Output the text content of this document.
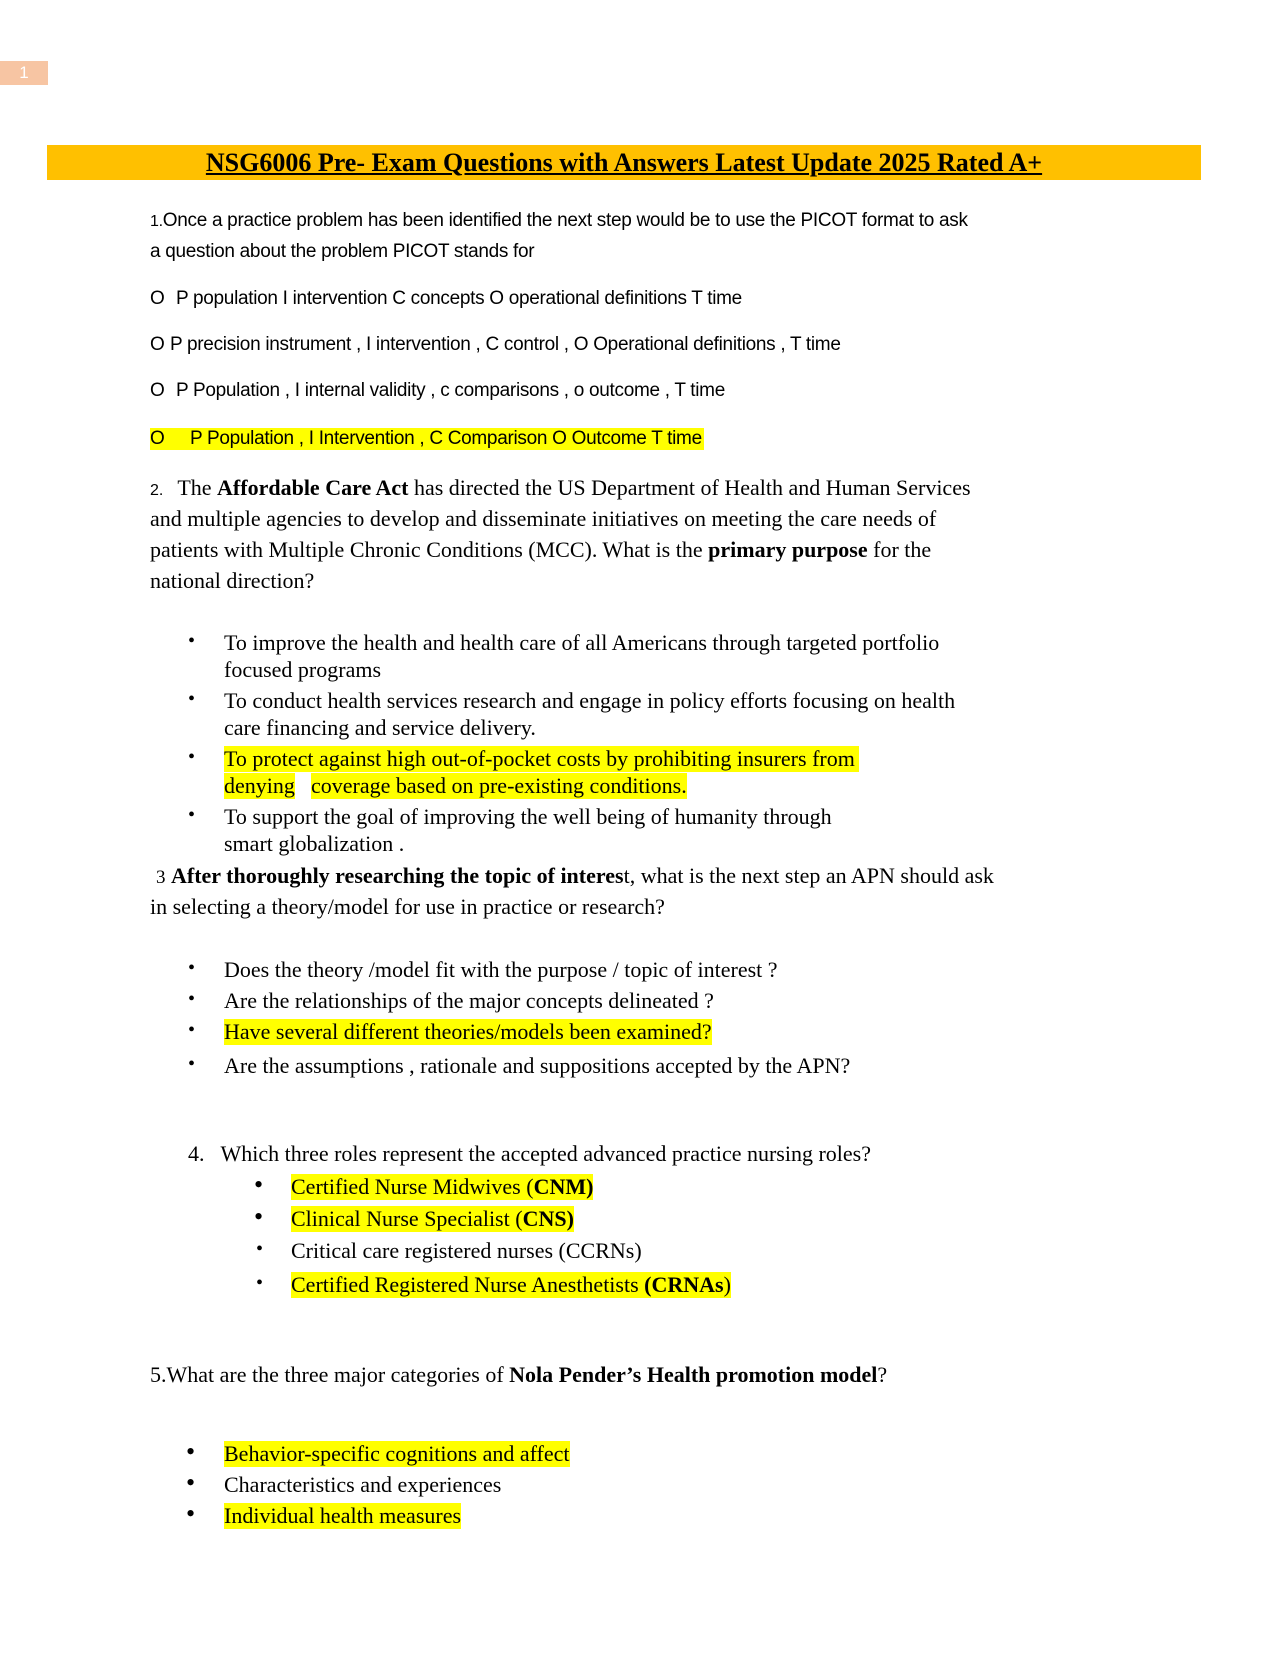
1
NSG6006 Pre- Exam Questions with Answers Latest Update 2025 Rated A+
1.Once a practice problem has been identified the next step would be to use the PICOT format to ask
a question about the problem PICOT stands for
O P population I intervention C concepts O operational definitions T time
O P precision instrument , I intervention , C control , O Operational definitions , T time
O P Population , I internal validity , c comparisons , o outcome , T time
O P Population , I Intervention , C Comparison O Outcome T time
2. The Affordable Care Act has directed the US Department of Health and Human Services
and multiple agencies to develop and disseminate initiatives on meeting the care needs of
patients with Multiple Chronic Conditions (MCC). What is the primary purpose for the
national direction?
• To improve the health and health care of all Americans through targeted portfolio
focused programs
• To conduct health services research and engage in policy efforts focusing on health
care financing and service delivery.
• To protect against high out-of-pocket costs by prohibiting insurers from
denying coverage based on pre-existing conditions.
• To support the goal of improving the well being of humanity through
smart globalization .
3 After thoroughly researching the topic of interest, what is the next step an APN should ask
in selecting a theory/model for use in practice or research?
• Does the theory /model fit with the purpose / topic of interest ?
• Are the relationships of the major concepts delineated ?
• Have several different theories/models been examined?
• Are the assumptions , rationale and suppositions accepted by the APN?
4. Which three roles represent the accepted advanced practice nursing roles?
• Certified Nurse Midwives (CNM)
• Clinical Nurse Specialist (CNS)
• Critical care registered nurses (CCRNs)
• Certified Registered Nurse Anesthetists (CRNAs)
5.What are the three major categories of Nola Pender’s Health promotion model?
• Behavior-specific cognitions and affect
• Characteristics and experiences
• Individual health measures
